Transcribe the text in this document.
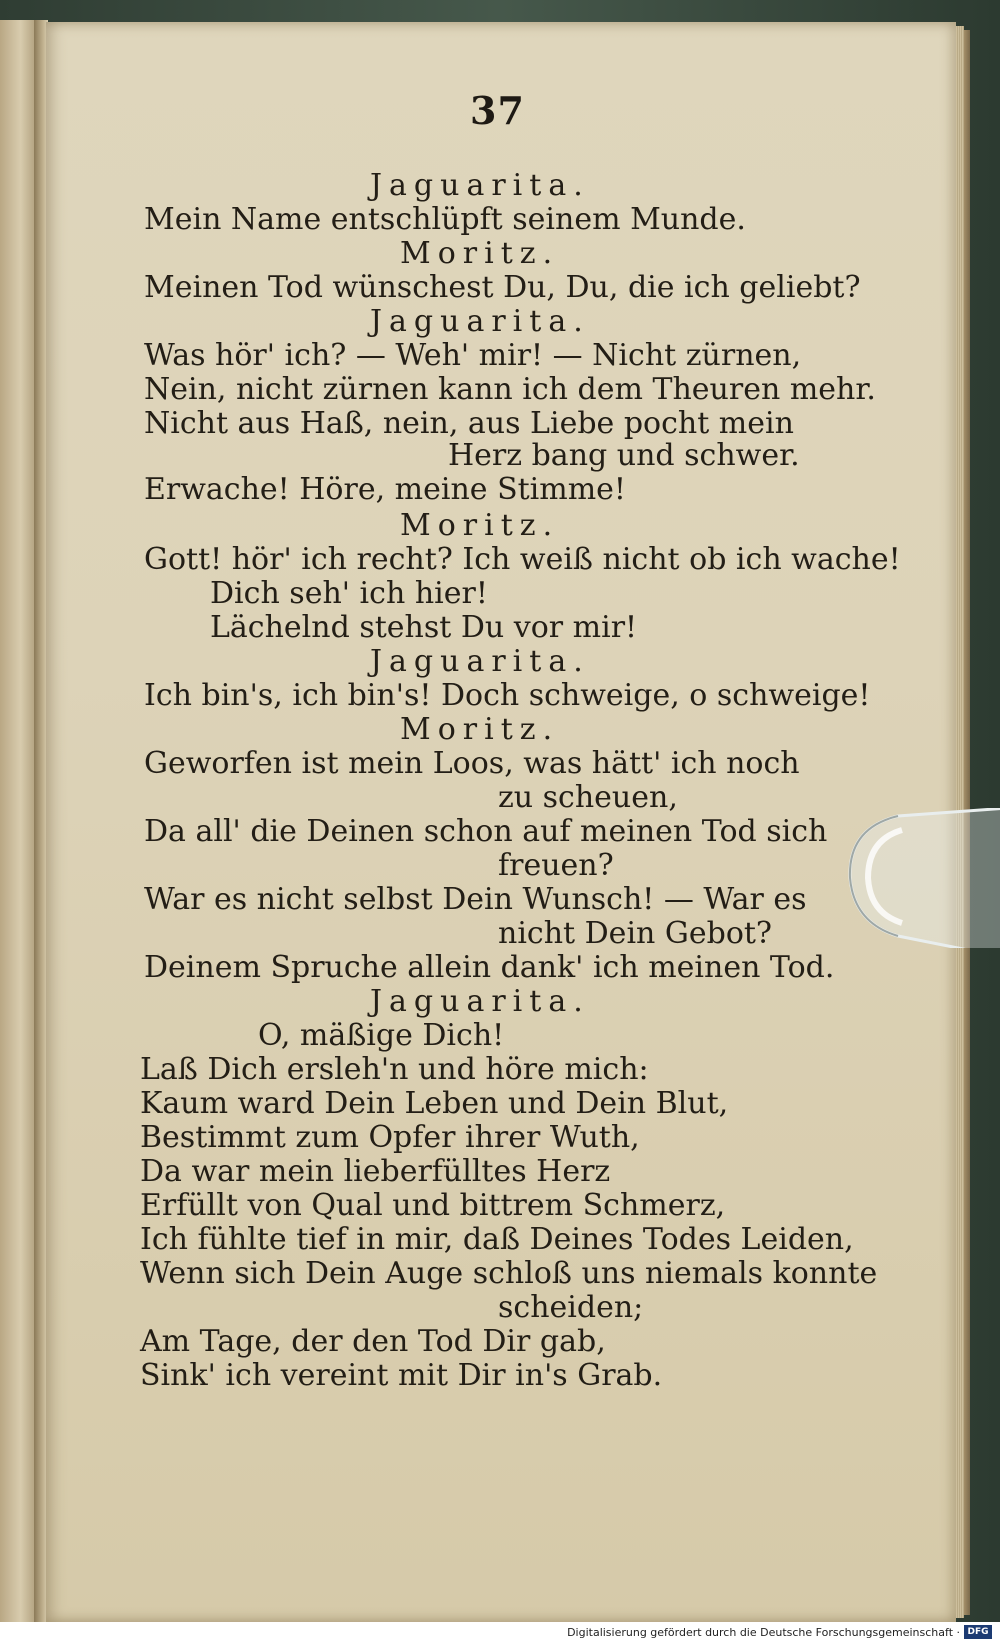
37
Jaguarita.
Mein Name entschlüpft seinem Munde.
Moritz.
Meinen Tod wünschest Du, Du, die ich geliebt?
Jaguarita.
Was hör' ich? — Weh' mir! — Nicht zürnen,
Nein, nicht zürnen kann ich dem Theuren mehr.
Nicht aus Haß, nein, aus Liebe pocht mein
Herz bang und schwer.
Erwache! Höre, meine Stimme!
Moritz.
Gott! hör' ich recht? Ich weiß nicht ob ich wache!
Dich seh' ich hier!
Lächelnd stehst Du vor mir!
Jaguarita.
Ich bin's, ich bin's! Doch schweige, o schweige!
Moritz.
Geworfen ist mein Loos, was hätt' ich noch
zu scheuen,
Da all' die Deinen schon auf meinen Tod sich
freuen?
War es nicht selbst Dein Wunsch! — War es
nicht Dein Gebot?
Deinem Spruche allein dank' ich meinen Tod.
Jaguarita.
O, mäßige Dich!
Laß Dich ersleh'n und höre mich:
Kaum ward Dein Leben und Dein Blut,
Bestimmt zum Opfer ihrer Wuth,
Da war mein lieberfülltes Herz
Erfüllt von Qual und bittrem Schmerz,
Ich fühlte tief in mir, daß Deines Todes Leiden,
Wenn sich Dein Auge schloß uns niemals konnte
scheiden;
Am Tage, der den Tod Dir gab,
Sink' ich vereint mit Dir in's Grab.
Digitalisierung gefördert durch die Deutsche Forschungsgemeinschaft · DFG
